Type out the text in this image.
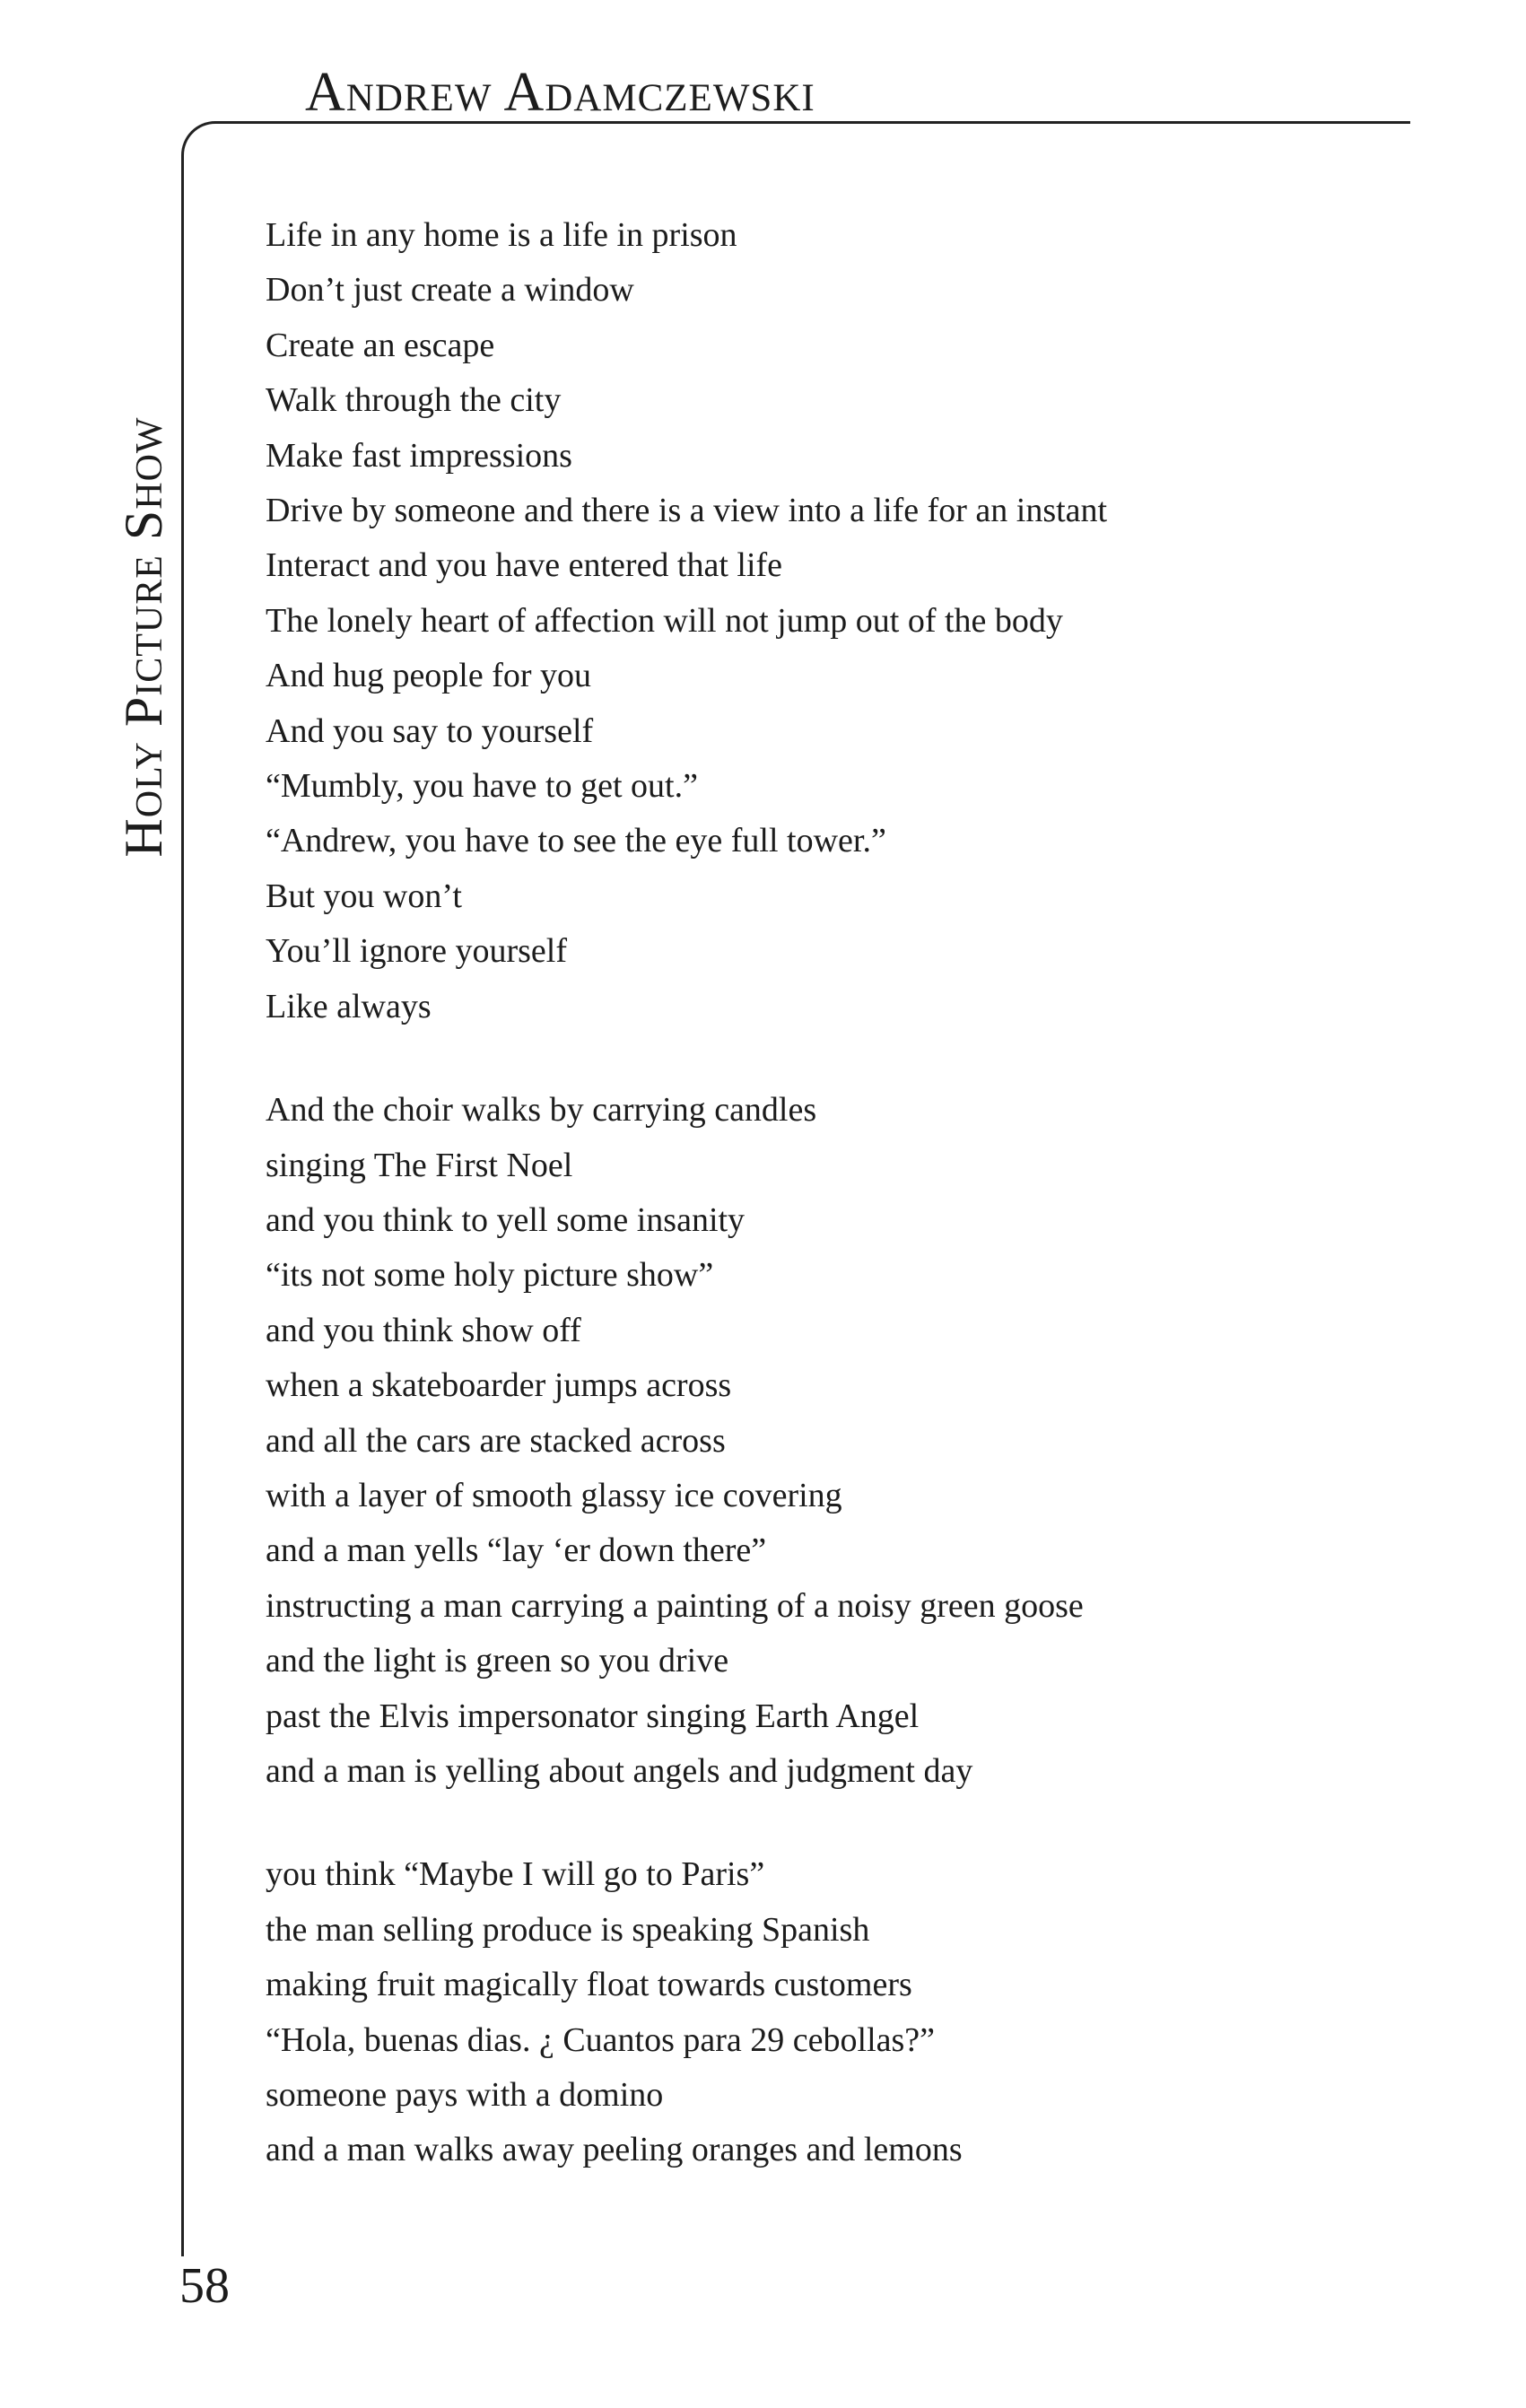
Andrew Adamczewski
Holy Picture Show
Life in any home is a life in prison
Don’t just create a window
Create an escape
Walk through the city
Make fast impressions
Drive by someone and there is a view into a life for an instant
Interact and you have entered that life
The lonely heart of affection will not jump out of the body
And hug people for you
And you say to yourself
“Mumbly, you have to get out.”
“Andrew, you have to see the eye full tower.”
But you won’t
You’ll ignore yourself
Like always
And the choir walks by carrying candles
singing The First Noel
and you think to yell some insanity
“its not some holy picture show”
and you think show off
when a skateboarder jumps across
and all the cars are stacked across
with a layer of smooth glassy ice covering
and a man yells “lay ‘er down there”
instructing a man carrying a painting of a noisy green goose
and the light is green so you drive
past the Elvis impersonator singing Earth Angel
and a man is yelling about angels and judgment day
you think “Maybe I will go to Paris”
the man selling produce is speaking Spanish
making fruit magically float towards customers
“Hola, buenas dias. ¿ Cuantos para 29 cebollas?”
someone pays with a domino
and a man walks away peeling oranges and lemons
58
